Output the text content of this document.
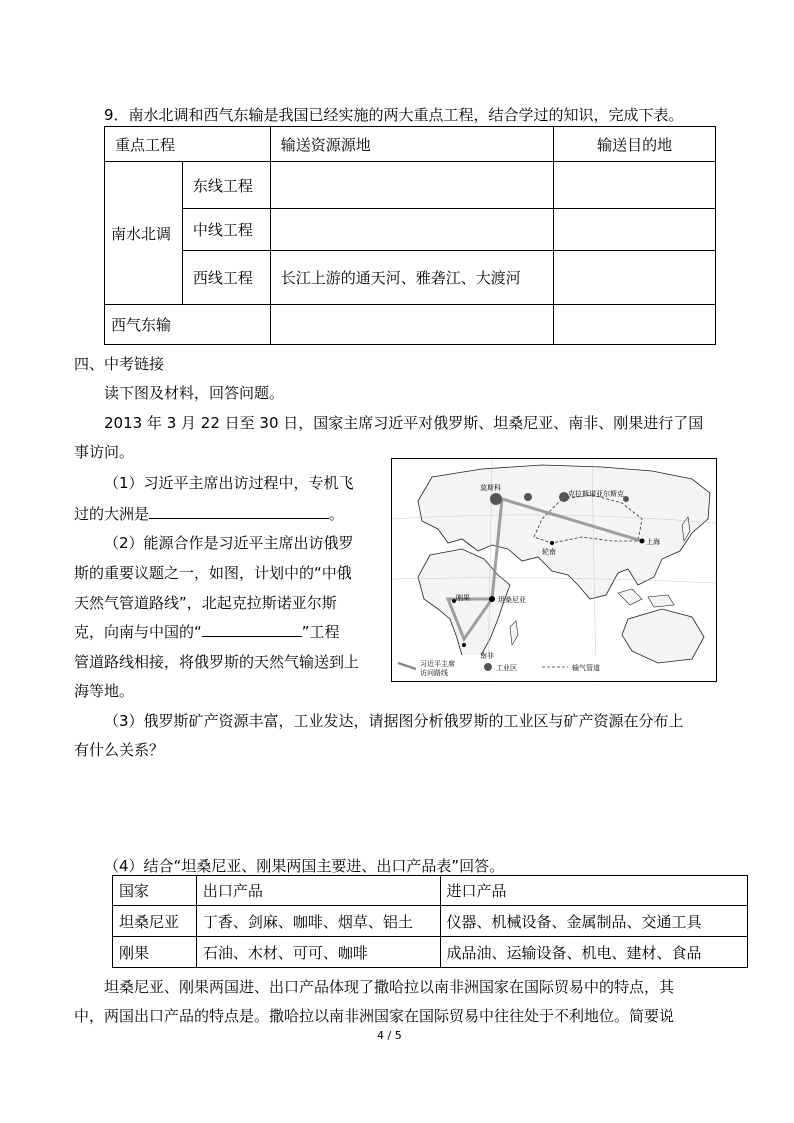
9．南水北调和西气东输是我国已经实施的两大重点工程，结合学过的知识，完成下表。
重点工程		输送资源源地	输送目的地
南水北调	东线工程		
	中线工程		
	西线工程	长江上游的通天河、雅砻江、大渡河	
西气东输			
四、中考链接
读下图及材料，回答问题。
2013 年 3 月 22 日至 30 日，国家主席习近平对俄罗斯、坦桑尼亚、南非、刚果进行了国
事访问。
（1）习近平主席出访过程中，专机飞
过的大洲是	。
（2）能源合作是习近平主席出访俄罗
斯的重要议题之一，如图，计划中的“中俄
天然气管道路线”，北起克拉斯诺亚尔斯
克，向南与中国的“	”工程
管道路线相接，将俄罗斯的天然气输送到上
海等地。
莫斯科
克拉斯诺亚尔斯克
轮南
上海
刚果	坦桑尼亚
南非
习近平主席
访问路线
工业区	输气管道
（3）俄罗斯矿产资源丰富，工业发达，请据图分析俄罗斯的工业区与矿产资源在分布上
有什么关系？
（4）结合“坦桑尼亚、刚果两国主要进、出口产品表”回答。
国家	出口产品	进口产品
坦桑尼亚	丁香、剑麻、咖啡、烟草、铝土	仪器、机械设备、金属制品、交通工具
刚果	石油、木材、可可、咖啡	成品油、运输设备、机电、建材、食品
坦桑尼亚、刚果两国进、出口产品体现了撒哈拉以南非洲国家在国际贸易中的特点，其
中，两国出口产品的特点是。撒哈拉以南非洲国家在国际贸易中往往处于不利地位。简要说
4 / 5
